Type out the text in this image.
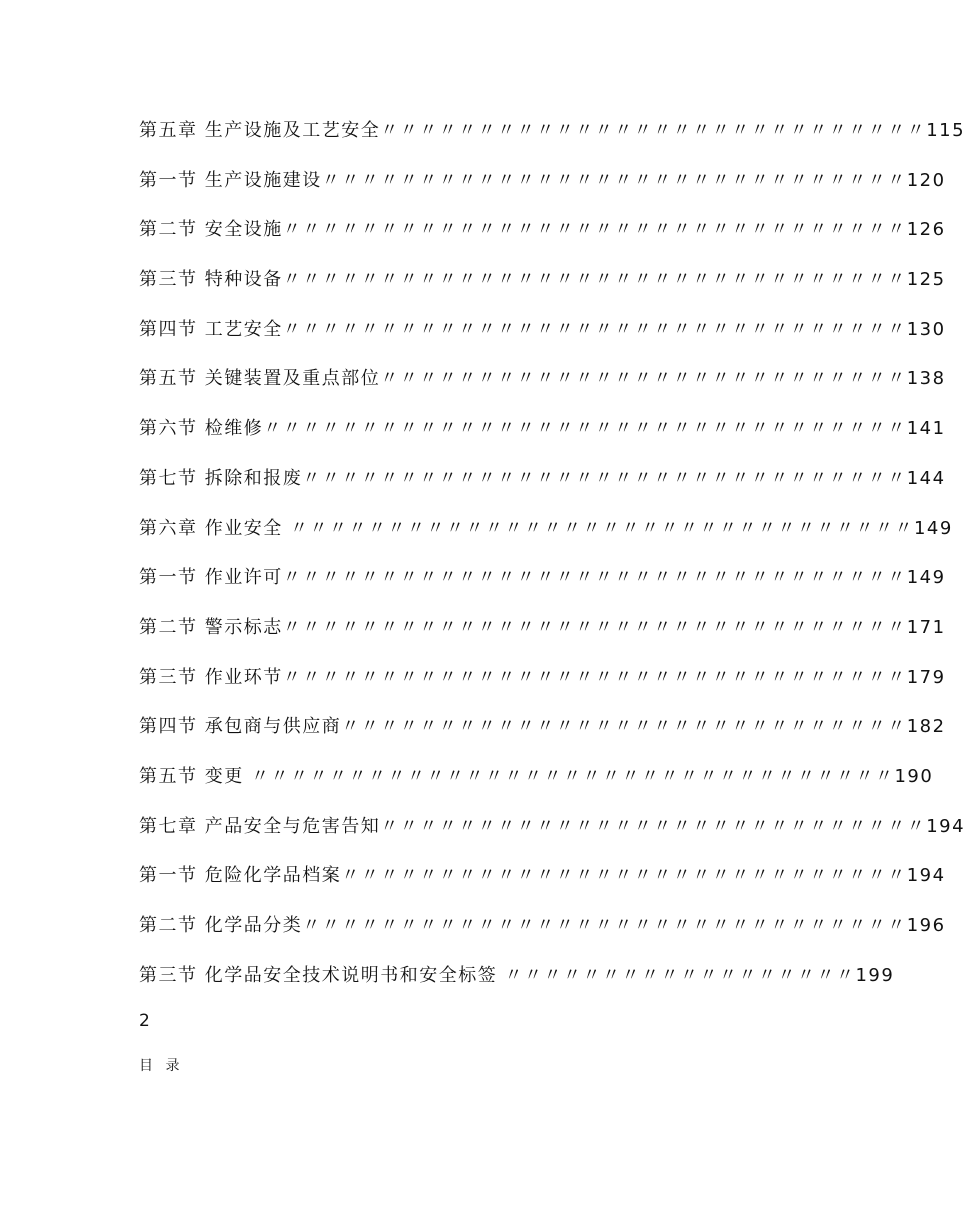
第五章 生产设施及工艺安全〃〃〃〃〃〃〃〃〃〃〃〃〃〃〃〃〃〃〃〃〃〃〃〃〃〃〃〃115
第一节 生产设施建设〃〃〃〃〃〃〃〃〃〃〃〃〃〃〃〃〃〃〃〃〃〃〃〃〃〃〃〃〃〃120
第二节 安全设施〃〃〃〃〃〃〃〃〃〃〃〃〃〃〃〃〃〃〃〃〃〃〃〃〃〃〃〃〃〃〃〃126
第三节 特种设备〃〃〃〃〃〃〃〃〃〃〃〃〃〃〃〃〃〃〃〃〃〃〃〃〃〃〃〃〃〃〃〃125
第四节 工艺安全〃〃〃〃〃〃〃〃〃〃〃〃〃〃〃〃〃〃〃〃〃〃〃〃〃〃〃〃〃〃〃〃130
第五节 关键装置及重点部位〃〃〃〃〃〃〃〃〃〃〃〃〃〃〃〃〃〃〃〃〃〃〃〃〃〃〃138
第六节 检维修〃〃〃〃〃〃〃〃〃〃〃〃〃〃〃〃〃〃〃〃〃〃〃〃〃〃〃〃〃〃〃〃〃141
第七节 拆除和报废〃〃〃〃〃〃〃〃〃〃〃〃〃〃〃〃〃〃〃〃〃〃〃〃〃〃〃〃〃〃〃144
第六章 作业安全 〃〃〃〃〃〃〃〃〃〃〃〃〃〃〃〃〃〃〃〃〃〃〃〃〃〃〃〃〃〃〃〃149
第一节 作业许可〃〃〃〃〃〃〃〃〃〃〃〃〃〃〃〃〃〃〃〃〃〃〃〃〃〃〃〃〃〃〃〃149
第二节 警示标志〃〃〃〃〃〃〃〃〃〃〃〃〃〃〃〃〃〃〃〃〃〃〃〃〃〃〃〃〃〃〃〃171
第三节 作业环节〃〃〃〃〃〃〃〃〃〃〃〃〃〃〃〃〃〃〃〃〃〃〃〃〃〃〃〃〃〃〃〃179
第四节 承包商与供应商〃〃〃〃〃〃〃〃〃〃〃〃〃〃〃〃〃〃〃〃〃〃〃〃〃〃〃〃〃182
第五节 变更 〃〃〃〃〃〃〃〃〃〃〃〃〃〃〃〃〃〃〃〃〃〃〃〃〃〃〃〃〃〃〃〃〃190
第七章 产品安全与危害告知〃〃〃〃〃〃〃〃〃〃〃〃〃〃〃〃〃〃〃〃〃〃〃〃〃〃〃〃194
第一节 危险化学品档案〃〃〃〃〃〃〃〃〃〃〃〃〃〃〃〃〃〃〃〃〃〃〃〃〃〃〃〃〃194
第二节 化学品分类〃〃〃〃〃〃〃〃〃〃〃〃〃〃〃〃〃〃〃〃〃〃〃〃〃〃〃〃〃〃〃196
第三节 化学品安全技术说明书和安全标签 〃〃〃〃〃〃〃〃〃〃〃〃〃〃〃〃〃〃199
2
目 录
